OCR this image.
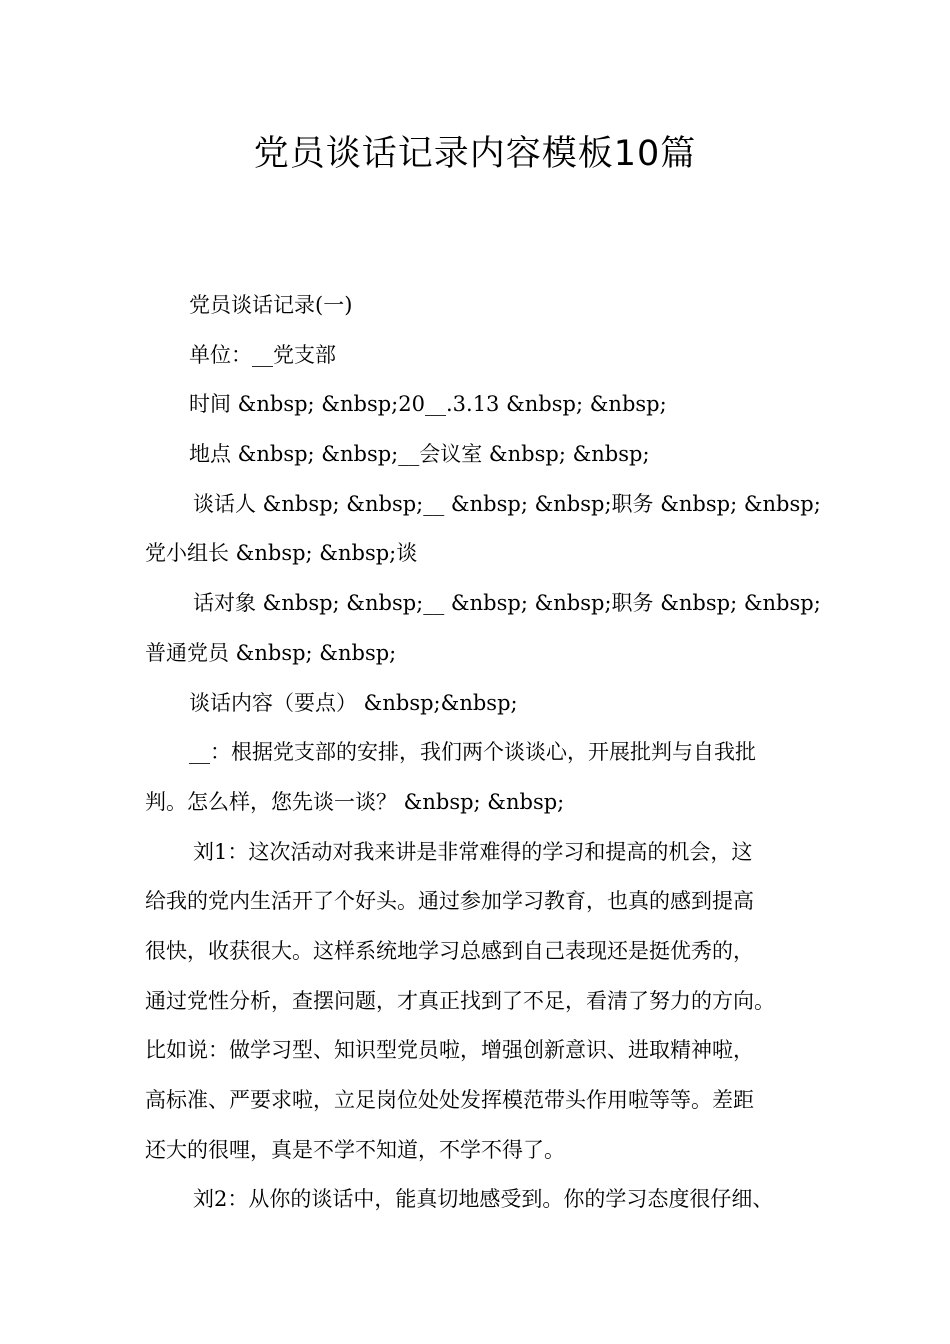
党员谈话记录内容模板10篇
党员谈话记录(一)
单位：__党支部
时间 &nbsp; &nbsp;20__.3.13 &nbsp; &nbsp;
地点 &nbsp; &nbsp;__会议室 &nbsp; &nbsp;
谈话人 &nbsp; &nbsp;__ &nbsp; &nbsp;职务 &nbsp; &nbsp;
党小组长 &nbsp; &nbsp;谈
话对象 &nbsp; &nbsp;__ &nbsp; &nbsp;职务 &nbsp; &nbsp;
普通党员 &nbsp; &nbsp;
谈话内容（要点） &nbsp;&nbsp;
__：根据党支部的安排，我们两个谈谈心，开展批判与自我批
判。怎么样，您先谈一谈？ &nbsp; &nbsp;
刘1：这次活动对我来讲是非常难得的学习和提高的机会，这
给我的党内生活开了个好头。通过参加学习教育，也真的感到提高
很快，收获很大。这样系统地学习总感到自己表现还是挺优秀的，
通过党性分析，查摆问题，才真正找到了不足，看清了努力的方向。
比如说：做学习型、知识型党员啦，增强创新意识、进取精神啦，
高标准、严要求啦，立足岗位处处发挥模范带头作用啦等等。差距
还大的很哩，真是不学不知道，不学不得了。
刘2：从你的谈话中，能真切地感受到。你的学习态度很仔细、
